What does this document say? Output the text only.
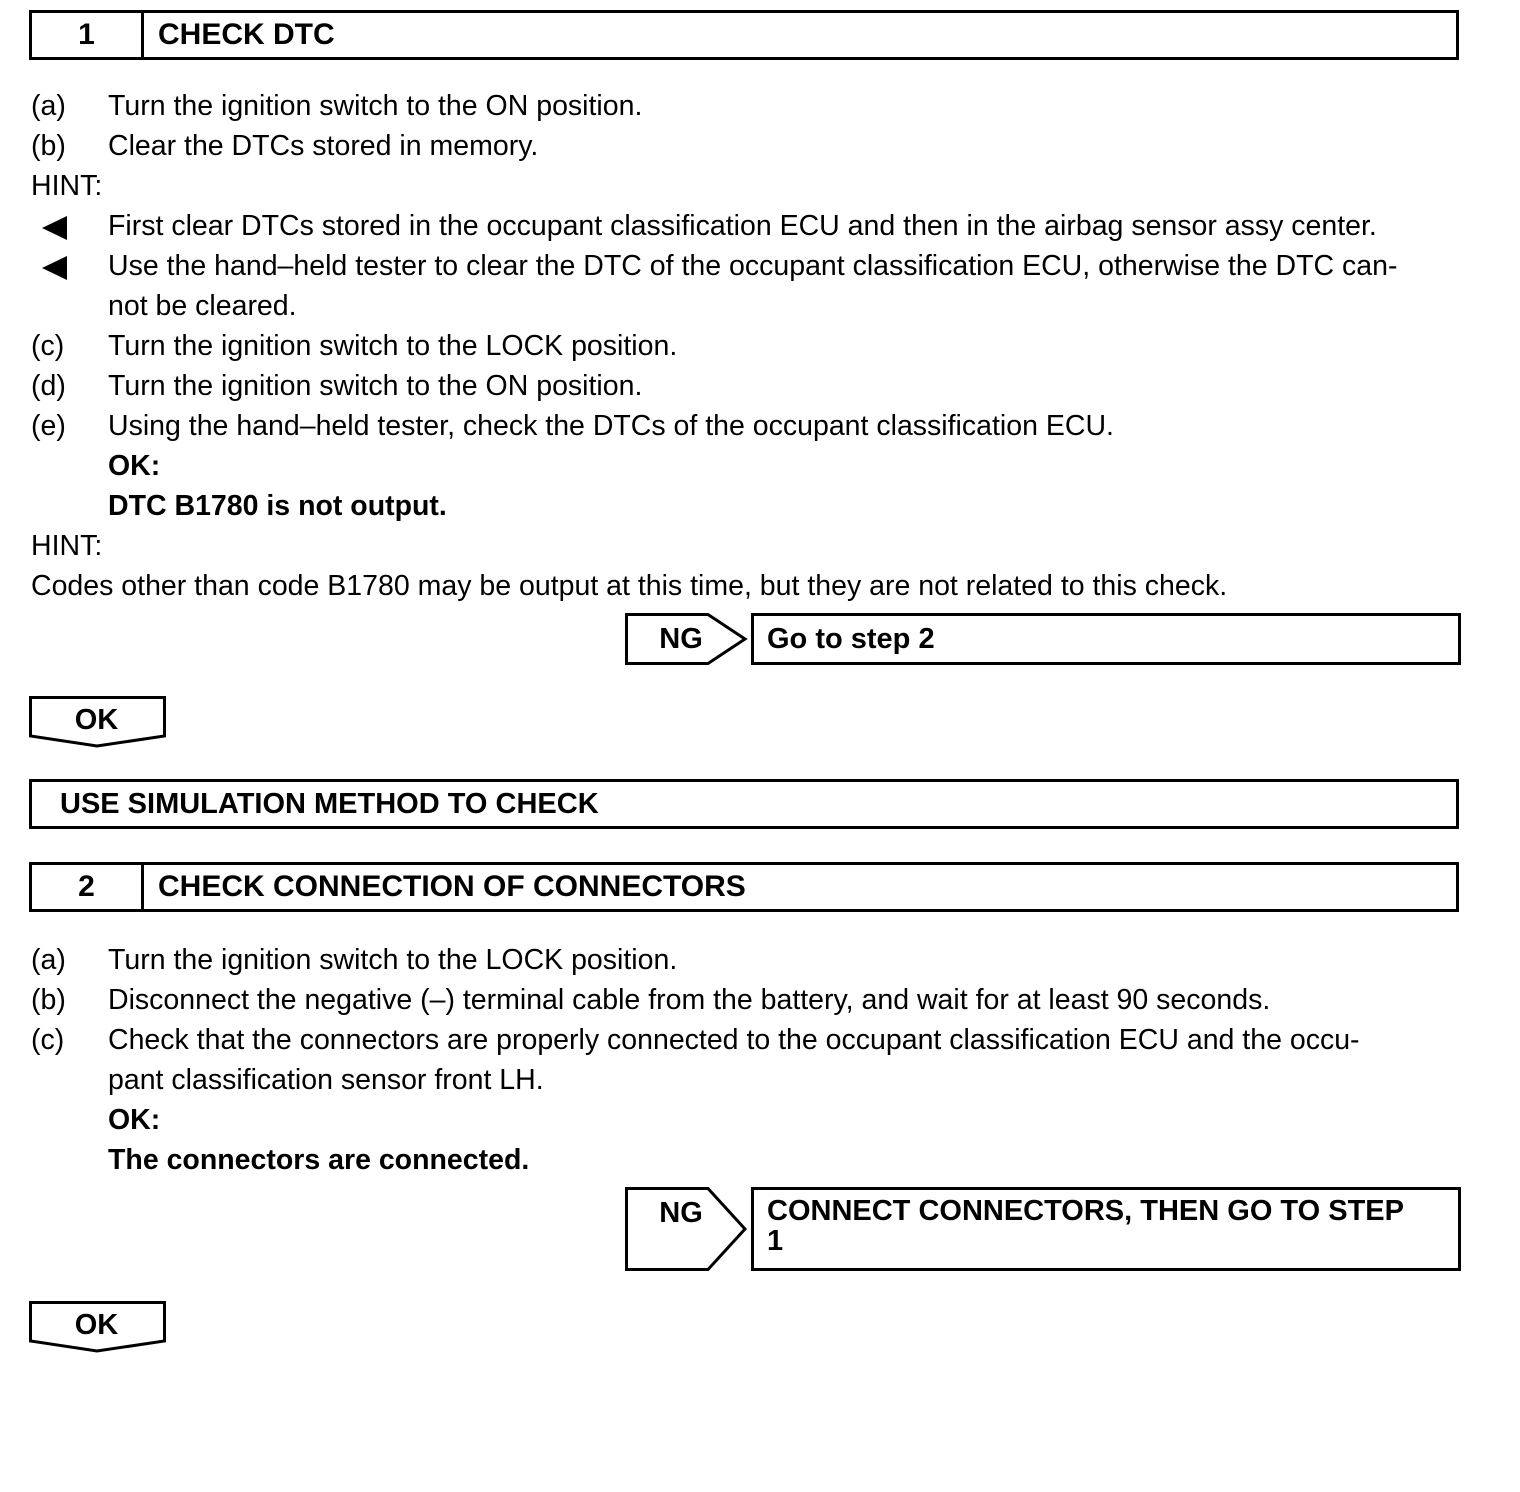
1	CHECK DTC
(a) Turn the ignition switch to the ON position.
(b) Clear the DTCs stored in memory.
HINT:
First clear DTCs stored in the occupant classification ECU and then in the airbag sensor assy center.
Use the hand–held tester to clear the DTC of the occupant classification ECU, otherwise the DTC can-
not be cleared.
(c) Turn the ignition switch to the LOCK position.
(d) Turn the ignition switch to the ON position.
(e) Using the hand–held tester, check the DTCs of the occupant classification ECU.
OK:
DTC B1780 is not output.
HINT:
Codes other than code B1780 may be output at this time, but they are not related to this check.
NG	Go to step 2
OK
USE SIMULATION METHOD TO CHECK
2	CHECK CONNECTION OF CONNECTORS
(a) Turn the ignition switch to the LOCK position.
(b) Disconnect the negative (–) terminal cable from the battery, and wait for at least 90 seconds.
(c) Check that the connectors are properly connected to the occupant classification ECU and the occu-
pant classification sensor front LH.
OK:
The connectors are connected.
NG	CONNECT CONNECTORS, THEN GO TO STEP
1
OK
